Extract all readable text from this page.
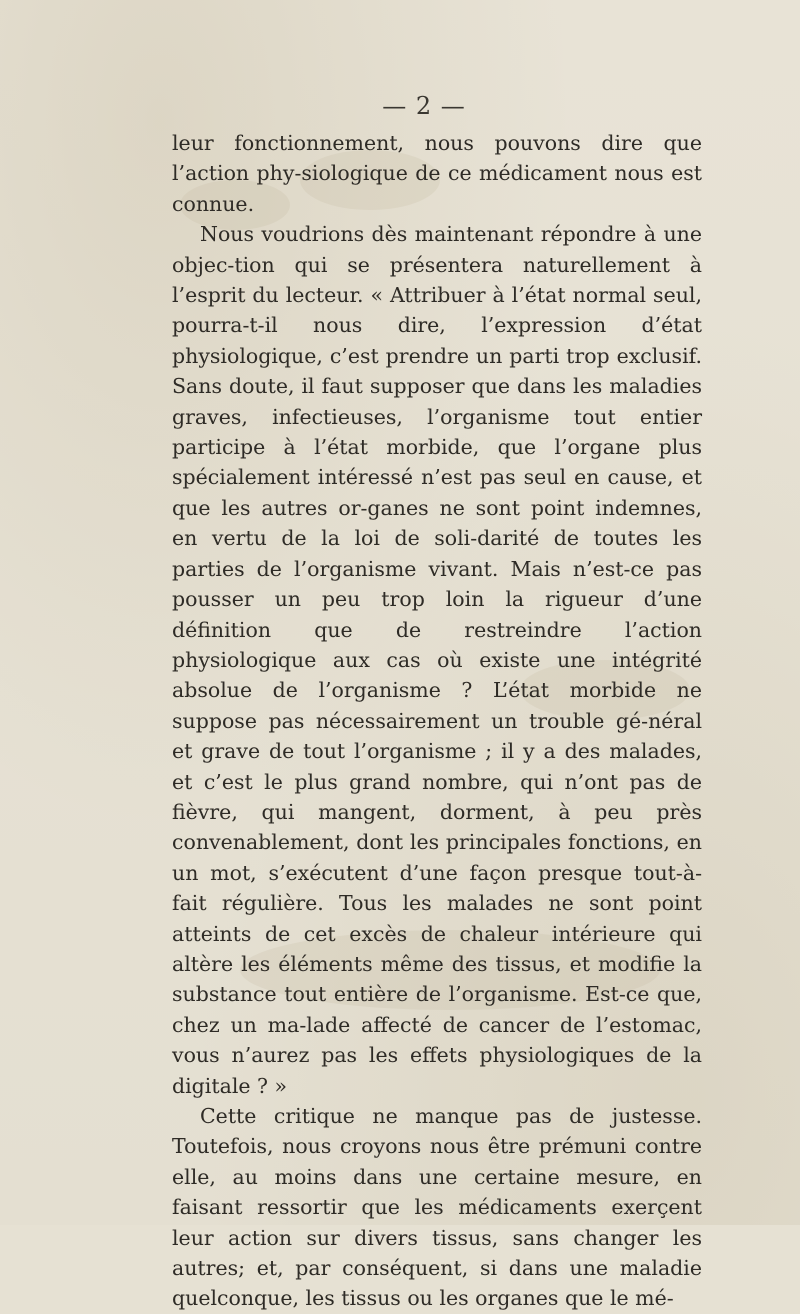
— 2 —

leur fonctionnement, nous pouvons dire que l’action phy-siologique de ce médicament nous est connue.

Nous voudrions dès maintenant répondre à une objec-tion qui se présentera naturellement à l’esprit du lecteur. « Attribuer à l’état normal seul, pourra-t-il nous dire, l’expression d’état physiologique, c’est prendre un parti trop exclusif. Sans doute, il faut supposer que dans les maladies graves, infectieuses, l’organisme tout entier participe à l’état morbide, que l’organe plus spécialement intéressé n’est pas seul en cause, et que les autres or-ganes ne sont point indemnes, en vertu de la loi de soli-darité de toutes les parties de l’organisme vivant. Mais n’est-ce pas pousser un peu trop loin la rigueur d’une définition que de restreindre l’action physiologique aux cas où existe une intégrité absolue de l’organisme ? L’état morbide ne suppose pas nécessairement un trouble gé-néral et grave de tout l’organisme ; il y a des malades, et c’est le plus grand nombre, qui n’ont pas de fièvre, qui mangent, dorment, à peu près convenablement, dont les principales fonctions, en un mot, s’exécutent d’une façon presque tout-à-fait régulière. Tous les malades ne sont point atteints de cet excès de chaleur intérieure qui altère les éléments même des tissus, et modifie la substance tout entière de l’organisme. Est-ce que, chez un ma-lade affecté de cancer de l’estomac, vous n’aurez pas les effets physiologiques de la digitale ? »

Cette critique ne manque pas de justesse. Toutefois, nous croyons nous être prémuni contre elle, au moins dans une certaine mesure, en faisant ressortir que les médicaments exerçent leur action sur divers tissus, sans changer les autres; et, par conséquent, si dans une maladie quelconque, les tissus ou les organes que le mé-
